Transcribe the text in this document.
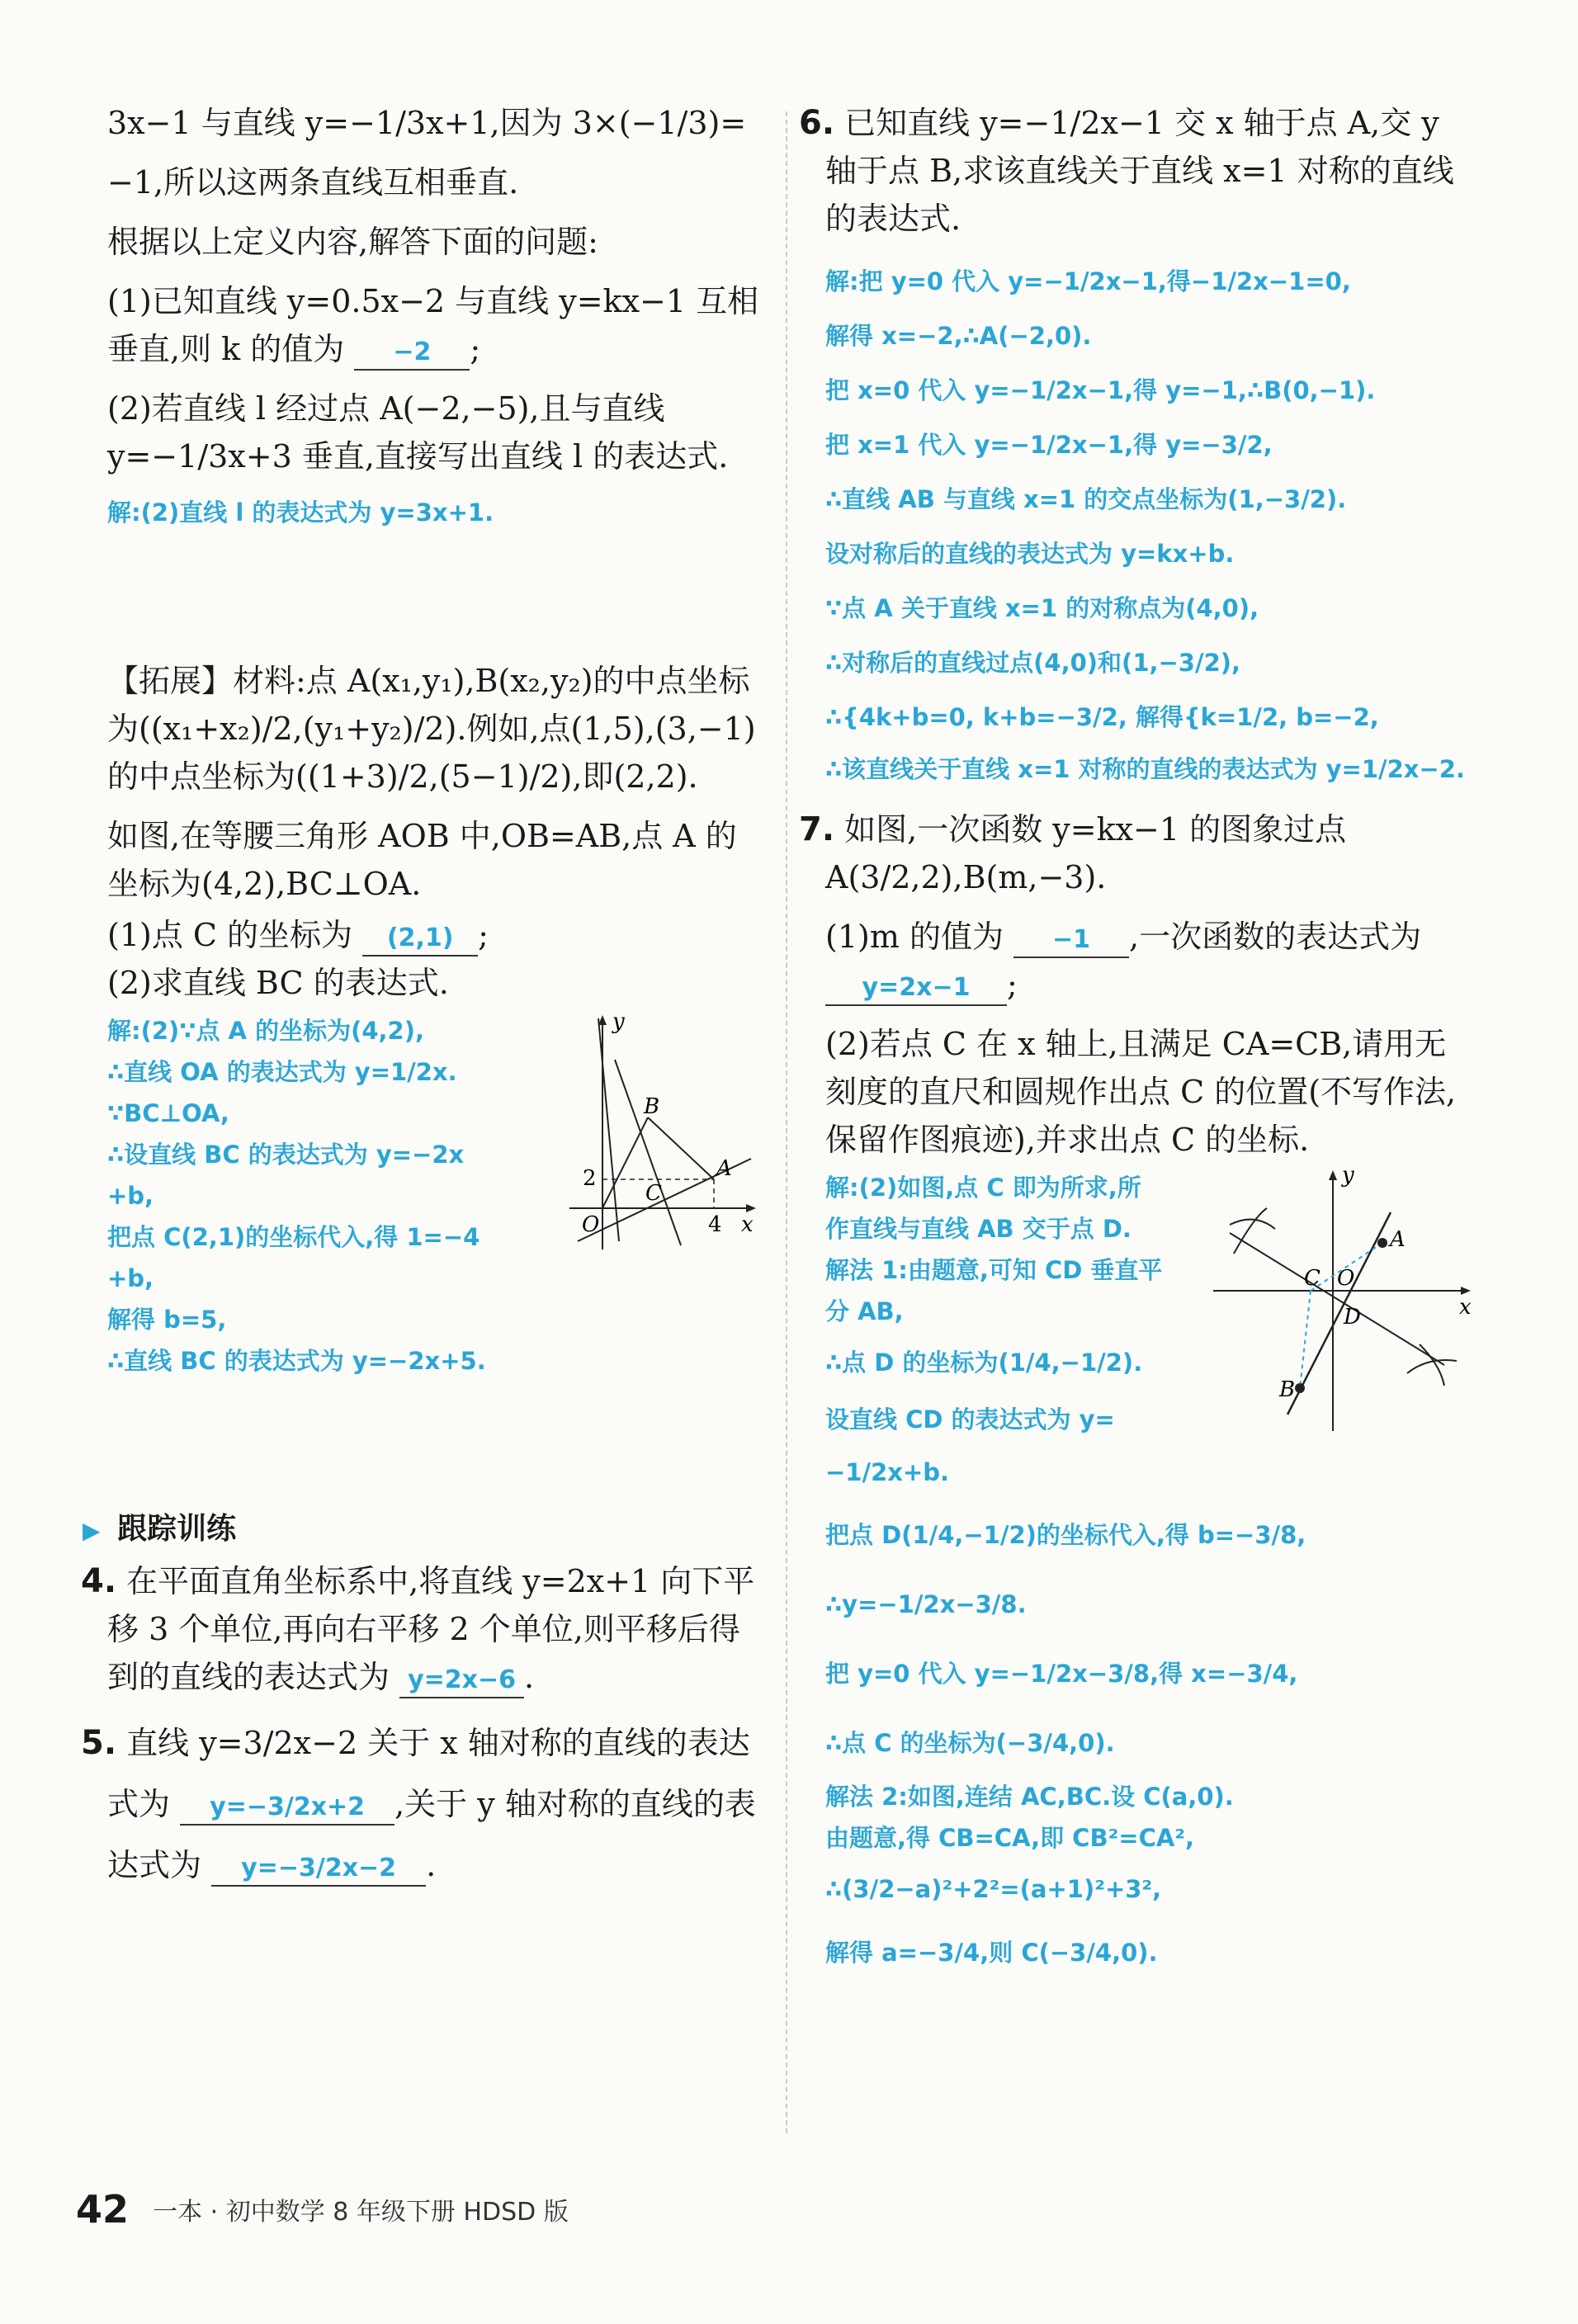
3x−1 与直线 y=−1/3x+1,因为 3×(−1/3)=

−1,所以这两条直线互相垂直.

根据以上定义内容,解答下面的问题:

(1)已知直线 y=0.5x−2 与直线 y=kx−1 互相垂直,则 k 的值为 −2 ;

(2)若直线 l 经过点 A(−2,−5),且与直线 y=−1/3x+3 垂直,直接写出直线 l 的表达式.

解:(2)直线 l 的表达式为 y=3x+1.

【拓展】材料:点 A(x₁,y₁),B(x₂,y₂)的中点坐标为((x₁+x₂)/2,(y₁+y₂)/2).例如,点(1,5),(3,−1)的中点坐标为((1+3)/2,(5−1)/2),即(2,2).

如图,在等腰三角形 AOB 中,OB=AB,点 A 的坐标为(4,2),BC⊥OA.

(1)点 C 的坐标为 (2,1) ;

(2)求直线 BC 的表达式.

解:(2)∵点 A 的坐标为(4,2),

∴直线 OA 的表达式为 y=1/2x.

∵BC⊥OA,

∴设直线 BC 的表达式为 y=−2x

+b,

把点 C(2,1)的坐标代入,得 1=−4

+b,

解得 b=5,

∴直线 BC 的表达式为 y=−2x+5.

y
x
O
A
B
C
2
4

▶ 跟踪训练

4. 在平面直角坐标系中,将直线 y=2x+1 向下平移 3 个单位,再向右平移 2 个单位,则平移后得到的直线的表达式为 y=2x−6 .

5. 直线 y=3/2x−2 关于 x 轴对称的直线的表达式为 y=−3/2x+2 ,关于 y 轴对称的直线的表达式为 y=−3/2x−2 .

6. 已知直线 y=−1/2x−1 交 x 轴于点 A,交 y 轴于点 B,求该直线关于直线 x=1 对称的直线的表达式.

解:把 y=0 代入 y=−1/2x−1,得−1/2x−1=0,

解得 x=−2,∴A(−2,0).

把 x=0 代入 y=−1/2x−1,得 y=−1,∴B(0,−1).

把 x=1 代入 y=−1/2x−1,得 y=−3/2,

∴直线 AB 与直线 x=1 的交点坐标为(1,−3/2).

设对称后的直线的表达式为 y=kx+b.

∵点 A 关于直线 x=1 的对称点为(4,0),

∴对称后的直线过点(4,0)和(1,−3/2),

∴{4k+b=0, k+b=−3/2, 解得{k=1/2, b=−2,

∴该直线关于直线 x=1 对称的直线的表达式为 y=1/2x−2.

7. 如图,一次函数 y=kx−1 的图象过点 A(3/2,2),B(m,−3).

(1)m 的值为 −1 ,一次函数的表达式为 y=2x−1 ;

(2)若点 C 在 x 轴上,且满足 CA=CB,请用无刻度的直尺和圆规作出点 C 的位置(不写作法,保留作图痕迹),并求出点 C 的坐标.

解:(2)如图,点 C 即为所求,所

作直线与直线 AB 交于点 D.

解法 1:由题意,可知 CD 垂直平

分 AB,

∴点 D 的坐标为(1/4,−1/2).

设直线 CD 的表达式为 y=

−1/2x+b.

y
x
A
B
C
D
O

把点 D(1/4,−1/2)的坐标代入,得 b=−3/8,

∴y=−1/2x−3/8.

把 y=0 代入 y=−1/2x−3/8,得 x=−3/4,

∴点 C 的坐标为(−3/4,0).

解法 2:如图,连结 AC,BC.设 C(a,0).

由题意,得 CB=CA,即 CB²=CA²,

∴(3/2−a)²+2²=(a+1)²+3²,

解得 a=−3/4,则 C(−3/4,0).

42 一本 · 初中数学 8 年级下册 HDSD 版
